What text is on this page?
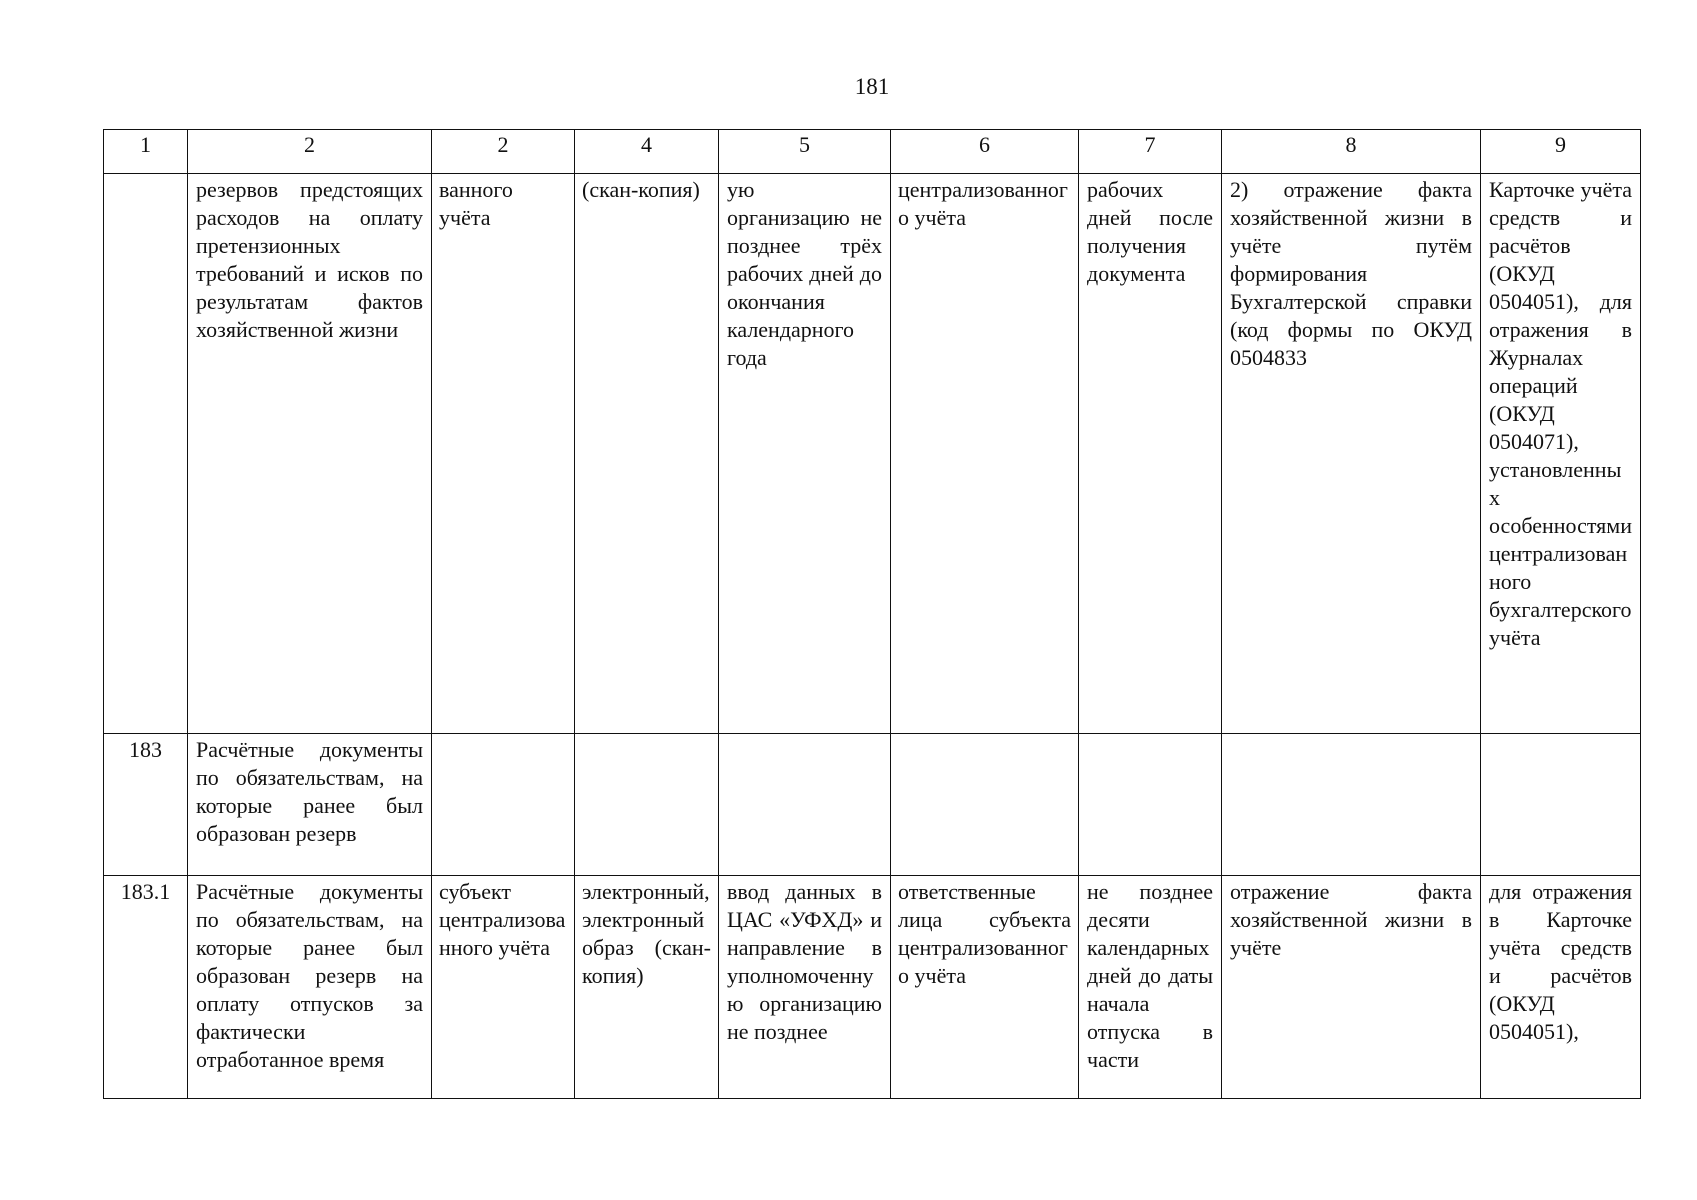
181
1	2	2	4	5	6	7	8	9
	резервов предстоящих расходов на оплату претензионных требований и исков по результатам фактов хозяйственной жизни	ванного учёта	(скан-копия)	ую организацию не позднее трёх рабочих дней до окончания календарного года	централизованного учёта	рабочих дней после получения документа	2) отражение факта хозяйственной жизни в учёте путём формирования Бухгалтерской справки (код формы по ОКУД 0504833	Карточке учёта средств и расчётов (ОКУД 0504051), для отражения в Журналах операций (ОКУД 0504071), установленных особенностями централизованного бухгалтерского учёта
183	Расчётные документы по обязательствам, на которые ранее был образован резерв							
183.1	Расчётные документы по обязательствам, на которые ранее был образован резерв на оплату отпусков за фактически отработанное время	субъект централизованного учёта	электронный, электронный образ (скан-копия)	ввод данных в ЦАС «УФХД» и направление в уполномоченную организацию не позднее	ответственные лица субъекта централизованного учёта	не позднее десяти календарных дней до даты начала отпуска в части	отражение факта хозяйственной жизни в учёте	для отражения в Карточке учёта средств и расчётов (ОКУД 0504051),
